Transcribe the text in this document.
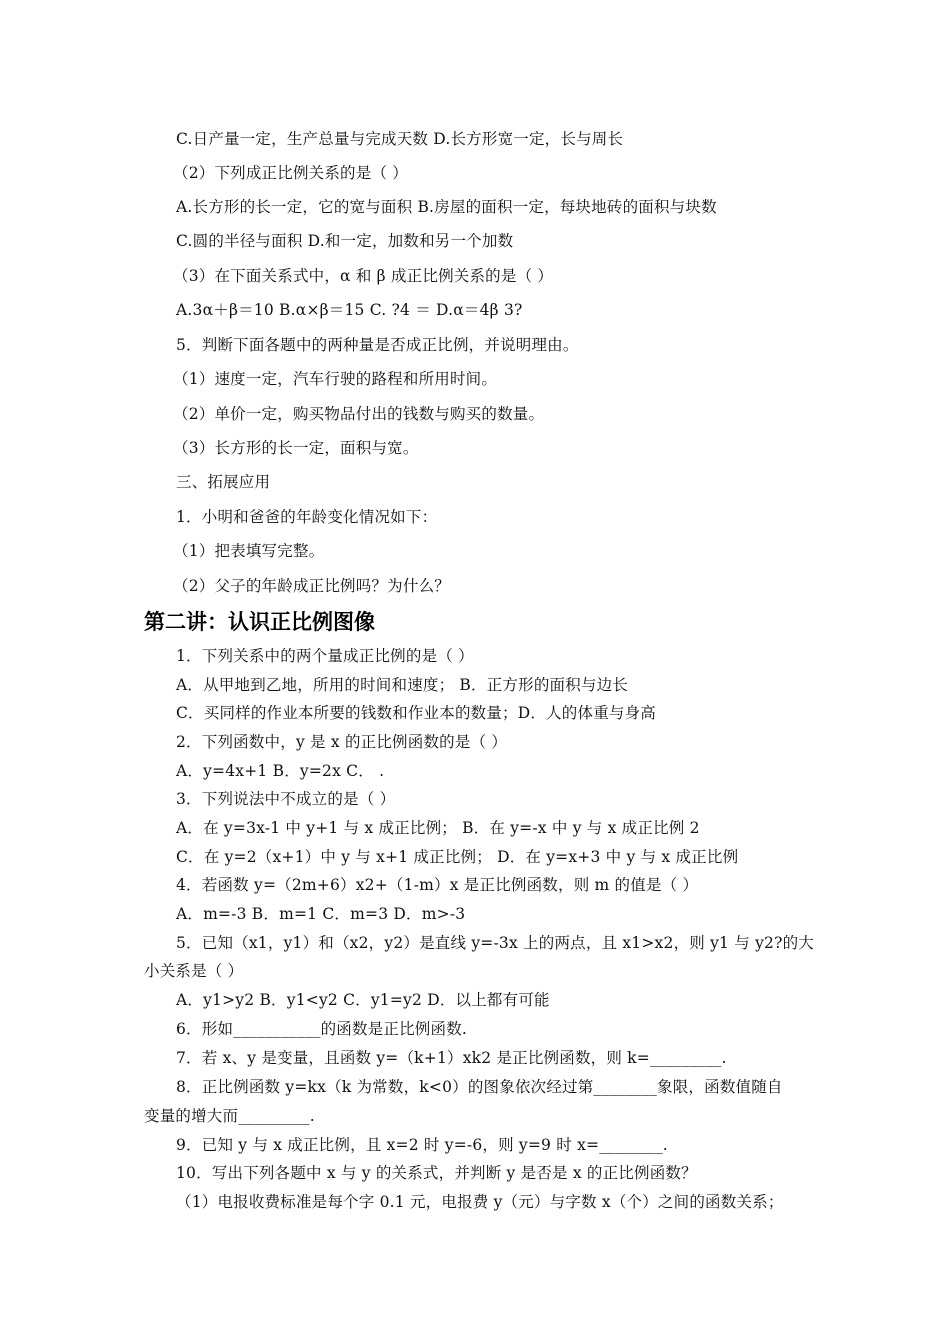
C.日产量一定，生产总量与完成天数 D.长方形宽一定，长与周长
（2）下列成正比例关系的是（ ）
A.长方形的长一定，它的宽与面积 B.房屋的面积一定，每块地砖的面积与块数
C.圆的半径与面积 D.和一定，加数和另一个加数
（3）在下面关系式中，α 和 β 成正比例关系的是（ ）
A.3α＋β＝10 B.α×β＝15 C. ?4 ＝ D.α＝4β 3?
5．判断下面各题中的两种量是否成正比例，并说明理由。
（1）速度一定，汽车行驶的路程和所用时间。
（2）单价一定，购买物品付出的钱数与购买的数量。
（3）长方形的长一定，面积与宽。
三、拓展应用
1．小明和爸爸的年龄变化情况如下：
（1）把表填写完整。
（2）父子的年龄成正比例吗？为什么？
第二讲：认识正比例图像
1．下列关系中的两个量成正比例的是（ ）
A．从甲地到乙地，所用的时间和速度； B．正方形的面积与边长
C．买同样的作业本所要的钱数和作业本的数量；D．人的体重与身高
2．下列函数中，y 是 x 的正比例函数的是（ ）
A．y=4x+1 B．y=2x C． .
3．下列说法中不成立的是（ ）
A．在 y=3x-1 中 y+1 与 x 成正比例； B．在 y=-x 中 y 与 x 成正比例 2
C．在 y=2（x+1）中 y 与 x+1 成正比例； D．在 y=x+3 中 y 与 x 成正比例
4．若函数 y=（2m+6）x2+（1-m）x 是正比例函数，则 m 的值是（ ）
A．m=-3 B．m=1 C．m=3 D．m>-3
5．已知（x1，y1）和（x2，y2）是直线 y=-3x 上的两点，且 x1>x2，则 y1 与 y2?的大
小关系是（ ）
A．y1>y2 B．y1<y2 C．y1=y2 D．以上都有可能
6．形如___________的函数是正比例函数.
7．若 x、y 是变量，且函数 y=（k+1）xk2 是正比例函数，则 k=_________.
8．正比例函数 y=kx（k 为常数，k<0）的图象依次经过第________象限，函数值随自
变量的增大而_________.
9．已知 y 与 x 成正比例，且 x=2 时 y=-6，则 y=9 时 x=________.
10．写出下列各题中 x 与 y 的关系式，并判断 y 是否是 x 的正比例函数？
（1）电报收费标准是每个字 0.1 元，电报费 y（元）与字数 x（个）之间的函数关系；
